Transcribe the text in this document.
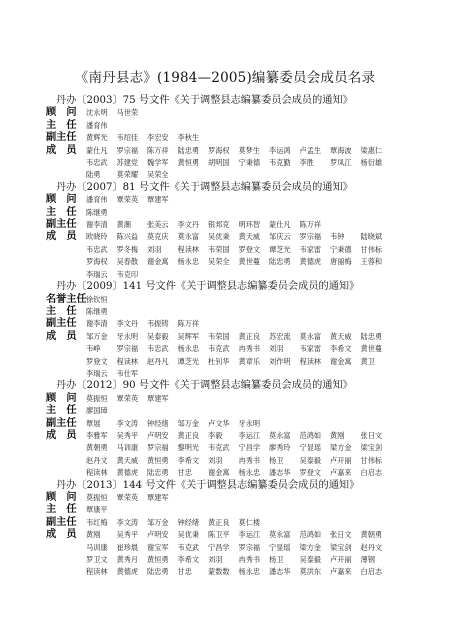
《南丹县志》(1984—2005)编纂委员会成员名录
丹办〔2003〕75 号文件《关于调整县志编纂委员会成员的通知》
顾　问	沈永明	马世荣
主　任	潘育伟
副主任	黄辉光	韦绍佳	李宏安	李秋生
成　员	蒙仕凡	罗宗福	陈万祥	陆忠勇	罗海权	莫梦生	李运鸿	卢孟生	覃海波	梁惠仁
韦忠武	苏建党	魏学军	黄恒勇	胡明国	宁秉德	韦克勤	李胜	罗凤江	杨衍雄
陆勇	莫荣耀	吴荣全
丹办〔2007〕81 号文件《关于调整县志编纂委员会成员的通知》
顾　问	潘育伟	覃荣英	覃建军
主　任	陈继勇
副主任	谢李清	黄潮	张美云	李文丹	银邦克	明环智	蒙仕凡	陈万祥
成　员	欧晓玲	陈兴益	莫克庆	莫永富	吴优秉	黄天威	邹庆云	罗宗福	韦钟	陆晓斌
韦忠武	罗冬梅	刘羽	程读林	韦荣国	罗登文	谭芝光	韦家雷	宁秉德	甘伟标
罗海权	吴春散	谢金寓	杨永忠	吴荣全	黄世蔓	陆忠勇	黄德虎	唐丽梅	王蓉和
李瑞云	韦克印
丹办〔2009〕141 号文件《关于调整县志编纂委员会成员的通知》
名誉主任 徐钦恒
主　任	陈继勇
副主任	谢李清	李文丹	韦振铸	陈万祥
成　员	邹万金	牙永明	吴泰毅	吴辉军	韦荣国	黄正良	苏宏流	莫永富	黄天威	陆忠勇
韦峥	罗宗福	韦忠武	杨永忠	韦克武	冉秀书	刘羽	韦家雷	李希文	黄世蔓
罗登文	程读林	赵丹凡	谭芝光	杜钊华	黄章乐	刘作明	程读林	谢金寓	黄卫
李瑞云	韦仕军
丹办〔2012〕90 号文件《关于调整县志编纂委员会成员的通知》
顾　问	莫振恒	覃荣英	覃建军
主　任	廖国璋
副主任	覃展	李文涛	钟经绪	邹万金	卢文华	牙永明
成　员	李雅军	吴秀平	卢明安	黄正良	李毅	李运江	莫永富	范鸿如	黄刚	张日文
黄朝勇	马训康	罗宗福	黎明光	韦克武	宁昌学	廖秀玲	宁显瑶	梁方金	梁宝剑
赵丹文	黄天威	黄恒勇	李希文	刘羽	冉秀书	杨卫	吴泰毅	卢开丽	甘伟标
程读林	黄德虎	陆忠勇	甘忠	谢金寓	杨永忠	潘志华	罗登文	卢嘉来	白启志
丹办〔2013〕144 号文件《关于调整县志编纂委员会成员的通知》
顾　问	莫振恒	覃荣英	覃建军
主　任	覃康平
副主任	韦红梅	李文涛	邹万金	钟经绪	黄正良	莫仁楼
成　员	黄刚	吴秀平	卢明安	吴优秉	陈卫平	李运江	莫永富	范鸿如	张日文	黄朝勇
马训康	崔珍晨	谢宝军	韦克武	宁昌学	罗宗福	宁显瑶	梁方金	梁宝剑	赵丹文
罗卫文	黄秀月	黄恒勇	李希文	刘羽	冉秀书	杨卫	吴泰毅	卢开丽	薄钢
程读林	黄德虎	陆忠勇	甘忠	蒙数数	杨永忠	潘志华	莫洪东	卢嘉来	白启志
